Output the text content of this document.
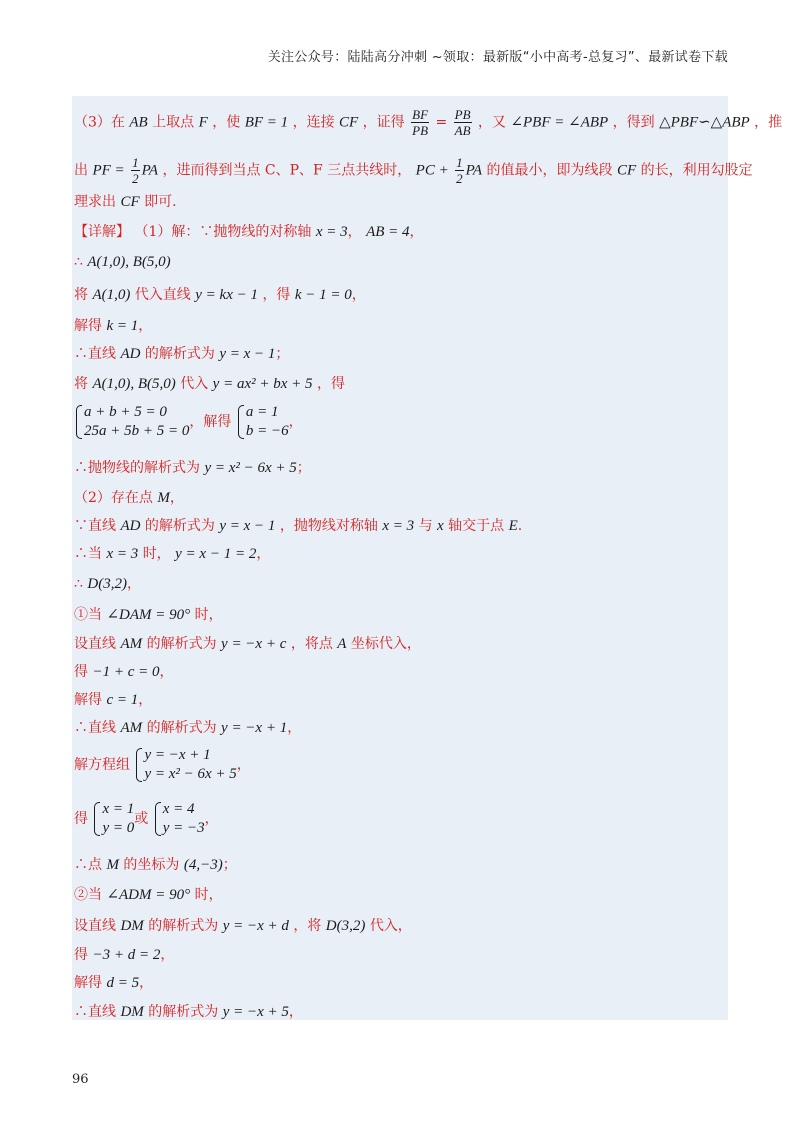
关注公众号：陆陆高分冲刺 ~领取：最新版“小中高考-总复习”、最新试卷下载
（3）在 AB 上取点 F ，使 BF = 1 ，连接 CF ，证得 $\frac{BF}{PB} = \frac{PB}{AB}$ ，又 ∠PBF = ∠ABP ，得到 △PBF∽△ABP ，推
出 PF = $\frac{1}{2}$ PA ，进而得到当点 C、P、F 三点共线时， PC + $\frac{1}{2}$ PA 的值最小，即为线段 CF 的长，利用勾股定
理求出 CF 即可.
【详解】 （1）解：∵抛物线的对称轴 x = 3， AB = 4，
∴ A(1,0), B(5,0)
将 A(1,0) 代入直线 y = kx − 1 ，得 k − 1 = 0，
解得 k = 1，
∴直线 AD 的解析式为 y = x − 1；
将 A(1,0), B(5,0) 代入 y = ax² + bx + 5 ，得
a + b + 5 = 0
25a + 5b + 5 = 0
，解得
a = 1
b = −6
，
∴抛物线的解析式为 y = x² − 6x + 5；
（2）存在点 M，
∵直线 AD 的解析式为 y = x − 1 ，抛物线对称轴 x = 3 与 x 轴交于点 E.
∴当 x = 3 时， y = x − 1 = 2，
∴ D(3,2)，
①当 ∠DAM = 90° 时，
设直线 AM 的解析式为 y = −x + c ，将点 A 坐标代入，
得 −1 + c = 0，
解得 c = 1，
∴直线 AM 的解析式为 y = −x + 1，
解方程组
y = −x + 1
y = x² − 6x + 5
，
得
x = 1
y = 0
或
x = 4
y = −3
，
∴点 M 的坐标为 (4,−3)；
②当 ∠ADM = 90° 时，
设直线 DM 的解析式为 y = −x + d ，将 D(3,2) 代入，
得 −3 + d = 2，
解得 d = 5，
∴直线 DM 的解析式为 y = −x + 5，
96
